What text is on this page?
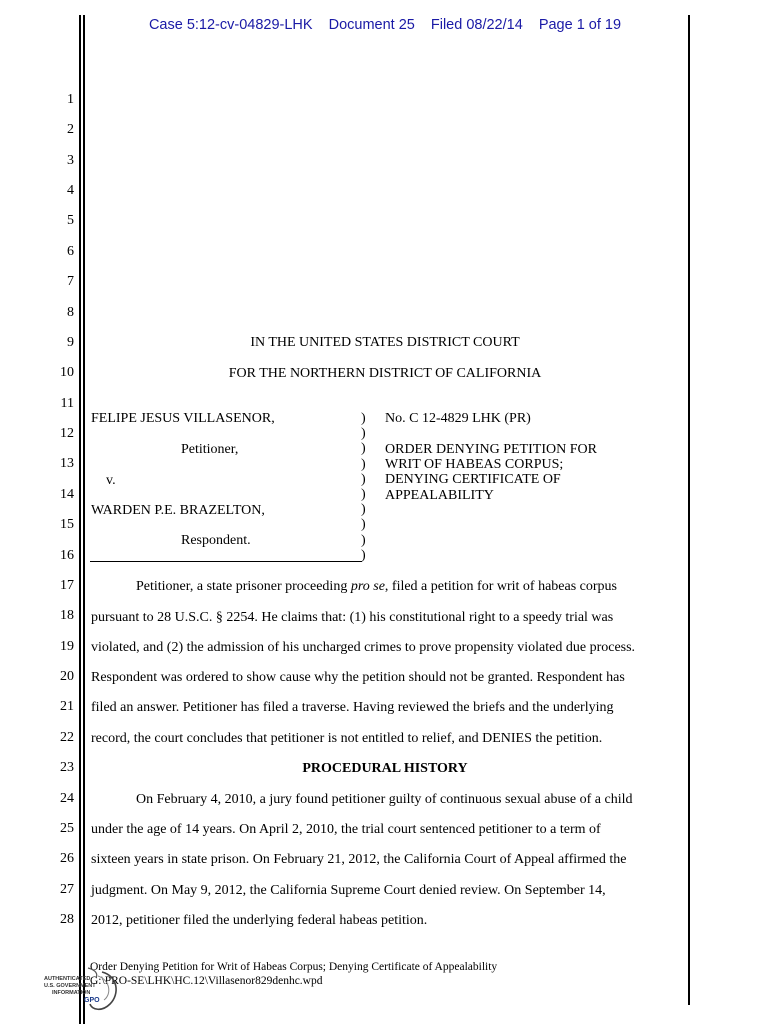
Case 5:12-cv-04829-LHK Document 25 Filed 08/22/14 Page 1 of 19
1
2
3
4
5
6
7
8
9
10
11
12
13
14
15
16
17
18
19
20
21
22
23
24
25
26
27
28
IN THE UNITED STATES DISTRICT COURT
FOR THE NORTHERN DISTRICT OF CALIFORNIA
FELIPE JESUS VILLASENOR,
Petitioner,
v.
WARDEN P.E. BRAZELTON,
Respondent.
)
)
)
)
)
)
)
)
)
)
No. C 12-4829 LHK (PR)
ORDER DENYING PETITION FOR
WRIT OF HABEAS CORPUS;
DENYING CERTIFICATE OF
APPEALABILITY
Petitioner, a state prisoner proceeding pro se, filed a petition for writ of habeas corpus
pursuant to 28 U.S.C. § 2254. He claims that: (1) his constitutional right to a speedy trial was
violated, and (2) the admission of his uncharged crimes to prove propensity violated due process.
Respondent was ordered to show cause why the petition should not be granted. Respondent has
filed an answer. Petitioner has filed a traverse. Having reviewed the briefs and the underlying
record, the court concludes that petitioner is not entitled to relief, and DENIES the petition.
PROCEDURAL HISTORY
On February 4, 2010, a jury found petitioner guilty of continuous sexual abuse of a child
under the age of 14 years. On April 2, 2010, the trial court sentenced petitioner to a term of
sixteen years in state prison. On February 21, 2012, the California Court of Appeal affirmed the
judgment. On May 9, 2012, the California Supreme Court denied review. On September 14,
2012, petitioner filed the underlying federal habeas petition.
Order Denying Petition for Writ of Habeas Corpus; Denying Certificate of Appealability
G:\PRO-SE\LHK\HC.12\Villasenor829denhc.wpd
AUTHENTICATED
U.S. GOVERNMENT
INFORMATION
GPO
